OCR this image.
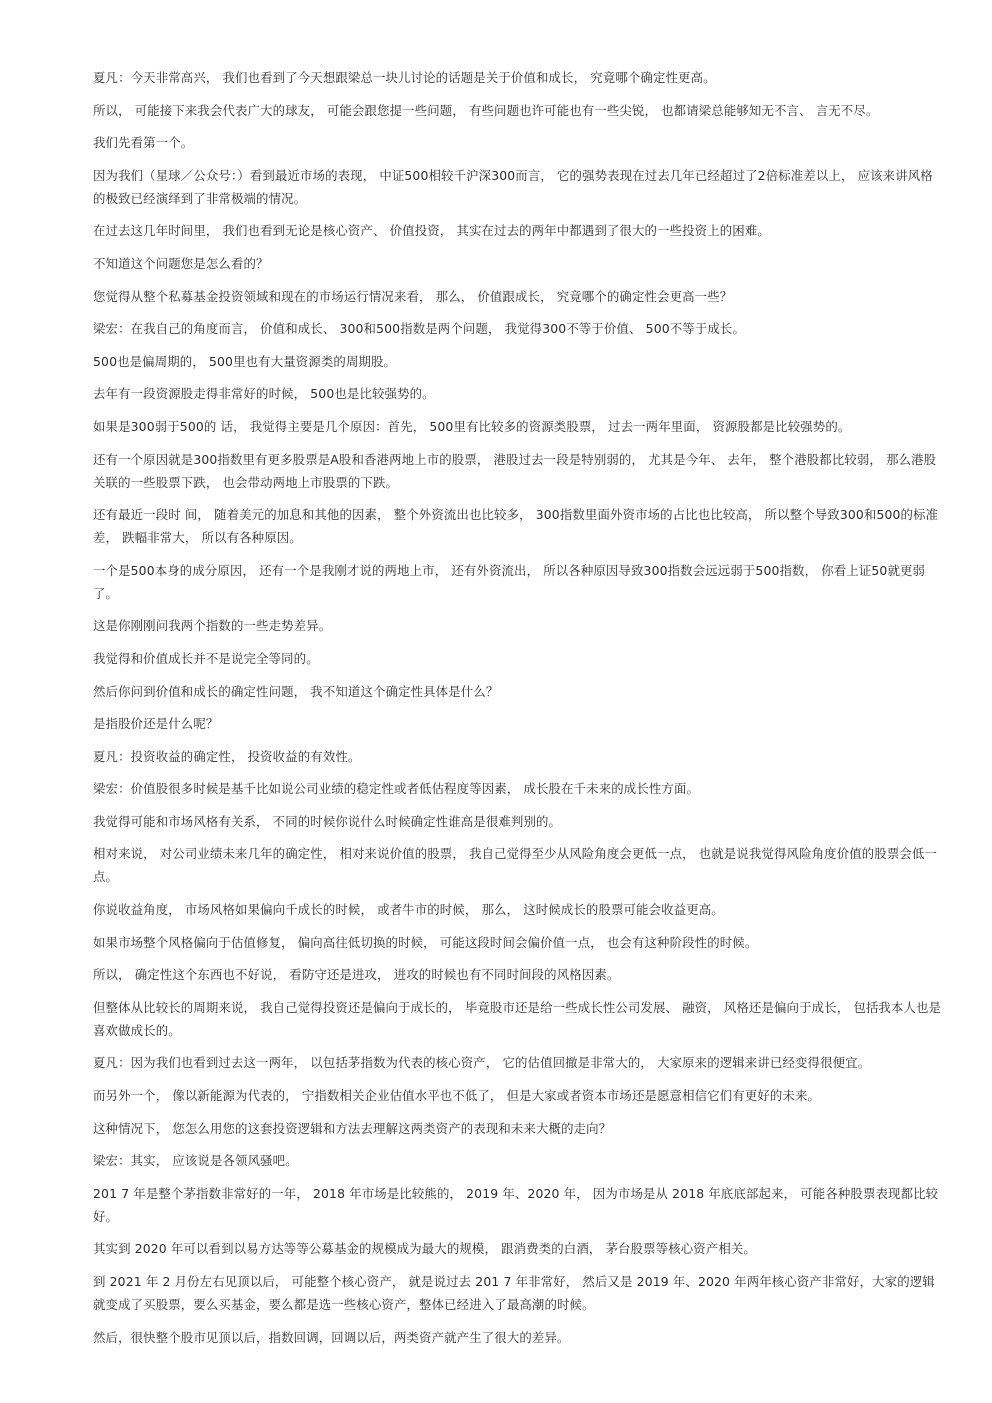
夏凡：今天非常高兴， 我们也看到了今天想跟梁总一块儿讨论的话题是关于价值和成长， 究竟哪个确定性更高。

所以， 可能接下来我会代表广大的球友， 可能会跟您提一些问题， 有些问题也许可能也有一些尖锐， 也都请梁总能够知无不言、 言无不尽。

我们先看第一个。

因为我们（星球／公众号：）看到最近市场的表现， 中证500相较千沪深300而言， 它的强势表现在过去几年已经超过了2倍标准差以上， 应该来讲风格的极致已经演绎到了非常极端的情况。

在过去这几年时间里， 我们也看到无论是核心资产、 价值投资， 其实在过去的两年中都遇到了很大的一些投资上的困难。

不知道这个问题您是怎么看的？

您觉得从整个私募基金投资领域和现在的市场运行情况来看， 那么， 价值跟成长， 究竟哪个的确定性会更高一些？

梁宏：在我自己的角度而言， 价值和成长、 300和500指数是两个问题， 我觉得300不等于价值、 500不等于成长。

500也是偏周期的， 500里也有大量资源类的周期股。

去年有一段资源股走得非常好的时候， 500也是比较强势的。

如果是300弱于500的 话， 我觉得主要是几个原因：首先， 500里有比较多的资源类股票， 过去一两年里面， 资源股都是比较强势的。

还有一个原因就是300指数里有更多股票是A股和香港两地上市的股票， 港股过去一段是特别弱的， 尤其是今年、 去年， 整个港股都比较弱， 那么港股关联的一些股票下跌， 也会带动两地上市股票的下跌。

还有最近一段时 间， 随着美元的加息和其他的因素， 整个外资流出也比较多， 300指数里面外资市场的占比也比较高， 所以整个导致300和500的标准差， 跌幅非常大， 所以有各种原因。

一个是500本身的成分原因， 还有一个是我刚才说的两地上市， 还有外资流出， 所以各种原因导致300指数会远远弱于500指数， 你看上证50就更弱了。

这是你刚刚问我两个指数的一些走势差异。

我觉得和价值成长并不是说完全等同的。

然后你问到价值和成长的确定性问题， 我不知道这个确定性具体是什么？

是指股价还是什么呢？

夏凡：投资收益的确定性， 投资收益的有效性。

梁宏：价值股很多时候是基千比如说公司业绩的稳定性或者低估程度等因素， 成长股在千未来的成长性方面。

我觉得可能和市场风格有关系， 不同的时候你说什么时候确定性谁高是很难判别的。

相对来说， 对公司业绩未来几年的确定性， 相对来说价值的股票， 我自己觉得至少从风险角度会更低一点， 也就是说我觉得风险角度价值的股票会低一点。

你说收益角度， 市场风格如果偏向千成长的时候， 或者牛市的时候， 那么， 这时候成长的股票可能会收益更高。

如果市场整个风格偏向于估值修复， 偏向高往低切换的时候， 可能这段时间会偏价值一点， 也会有这种阶段性的时候。

所以， 确定性这个东西也不好说， 看防守还是进攻， 进攻的时候也有不同时间段的风格因素。

但整体从比较长的周期来说， 我自己觉得投资还是偏向于成长的， 毕竟股市还是给一些成长性公司发展、 融资， 风格还是偏向于成长， 包括我本人也是喜欢做成长的。

夏凡：因为我们也看到过去这一两年， 以包括茅指数为代表的核心资产， 它的估值回撤是非常大的， 大家原来的逻辑来讲已经变得很便宜。

而另外一个， 像以新能源为代表的， 宁指数相关企业估值水平也不低了， 但是大家或者资本市场还是愿意相信它们有更好的未来。

这种情况下， 您怎么用您的这套投资逻辑和方法去理解这两类资产的表现和未来大概的走向？

梁宏：其实， 应该说是各领风骚吧。

201 7 年是整个茅指数非常好的一年， 2018 年市场是比较熊的， 2019 年、2020 年， 因为市场是从 2018 年底底部起来， 可能各种股票表现都比较好。

其实到 2020 年可以看到以易方达等等公募基金的规模成为最大的规模， 跟消费类的白酒， 茅台股票等核心资产相关。

到 2021 年 2 月份左右见顶以后， 可能整个核心资产， 就是说过去 201 7 年非常好， 然后又是 2019 年、2020 年两年核心资产非常好，大家的逻辑就变成了买股票，要么买基金，要么都是选一些核心资产，整体已经进入了最高潮的时候。

然后，很快整个股市见顶以后，指数回调，回调以后，两类资产就产生了很大的差异。
